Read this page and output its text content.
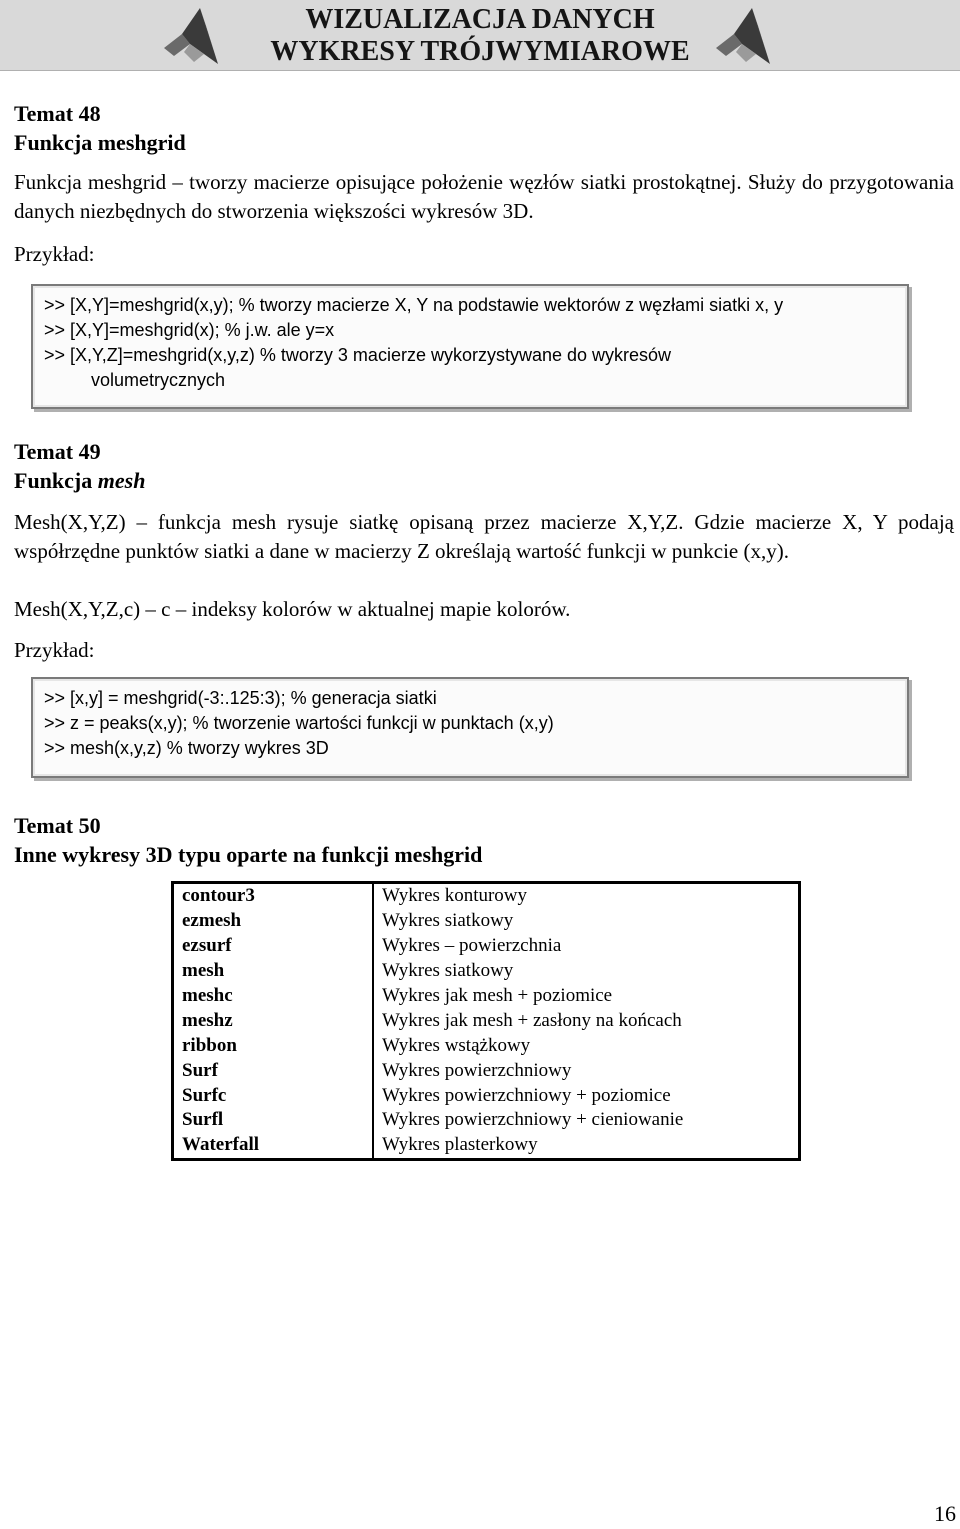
WIZUALIZACJA DANYCH
WYKRESY TRÓJWYMIAROWE
Temat 48
Funkcja meshgrid
Funkcja meshgrid – tworzy macierze opisujące położenie węzłów siatki prostokątnej. Służy do przygotowania danych niezbędnych do stworzenia większości wykresów 3D.
Przykład:
>> [X,Y]=meshgrid(x,y); % tworzy macierze X, Y na podstawie wektorów z węzłami siatki x, y
>> [X,Y]=meshgrid(x); % j.w. ale y=x
>> [X,Y,Z]=meshgrid(x,y,z) % tworzy 3 macierze wykorzystywane do wykresów
volumetrycznych
Temat 49
Funkcja mesh
Mesh(X,Y,Z) – funkcja mesh rysuje siatkę opisaną przez macierze X,Y,Z. Gdzie macierze X, Y podają współrzędne punktów siatki a dane w macierzy Z określają wartość funkcji w punkcie (x,y).
Mesh(X,Y,Z,c) – c – indeksy kolorów w aktualnej mapie kolorów.
Przykład:
>> [x,y] = meshgrid(-3:.125:3); % generacja siatki
>> z = peaks(x,y); % tworzenie wartości funkcji w punktach (x,y)
>> mesh(x,y,z) % tworzy wykres 3D
Temat 50
Inne wykresy 3D typu oparte na funkcji meshgrid
contour3	Wykres konturowy
ezmesh	Wykres siatkowy
ezsurf	Wykres – powierzchnia
mesh	Wykres siatkowy
meshc	Wykres jak mesh + poziomice
meshz	Wykres jak mesh + zasłony na końcach
ribbon	Wykres wstążkowy
Surf	Wykres powierzchniowy
Surfc	Wykres powierzchniowy + poziomice
Surfl	Wykres powierzchniowy + cieniowanie
Waterfall	Wykres plasterkowy
16
